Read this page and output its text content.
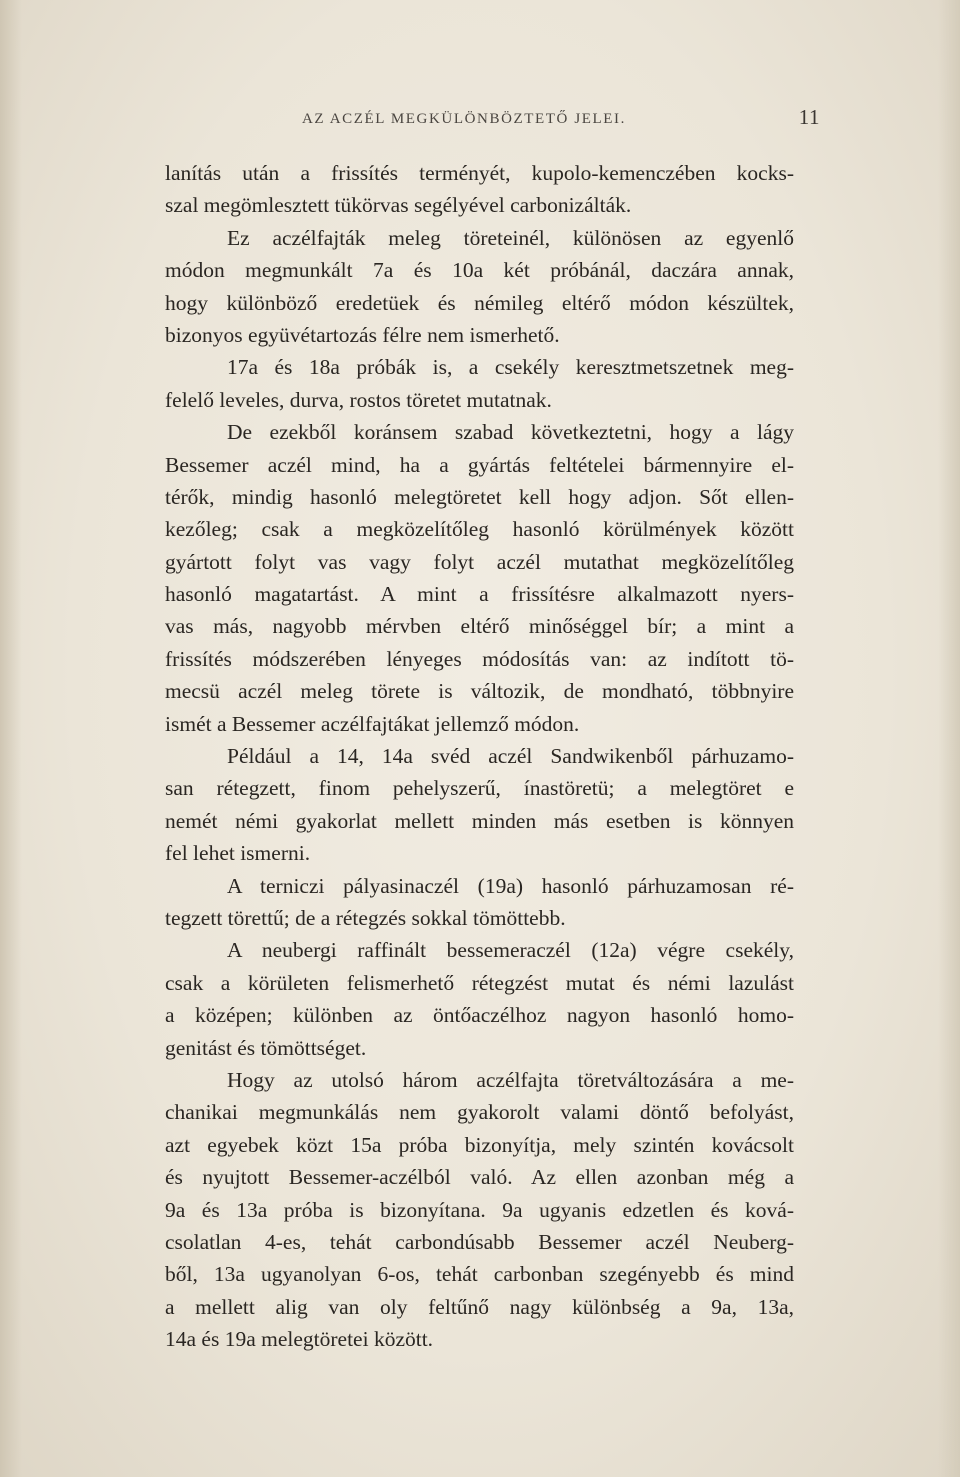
AZ ACZÉL MEGKÜLÖNBÖZTETŐ JELEI.	11
lanítás után a frissítés terményét, kupolo-kemenczében kocks-
szal megömlesztett tükörvas segélyével carbonizálták.
Ez aczélfajták meleg töreteinél, különösen az egyenlő
módon megmunkált 7a és 10a két próbánál, daczára annak,
hogy különböző eredetüek és némileg eltérő módon készültek,
bizonyos együvétartozás félre nem ismerhető.
17a és 18a próbák is, a csekély keresztmetszetnek meg-
felelő leveles, durva, rostos töretet mutatnak.
De ezekből koránsem szabad következtetni, hogy a lágy
Bessemer aczél mind, ha a gyártás feltételei bármennyire el-
térők, mindig hasonló melegtöretet kell hogy adjon. Sőt ellen-
kezőleg; csak a megközelítőleg hasonló körülmények között
gyártott folyt vas vagy folyt aczél mutathat megközelítőleg
hasonló magatartást. A mint a frissítésre alkalmazott nyers-
vas más, nagyobb mérvben eltérő minőséggel bír; a mint a
frissítés módszerében lényeges módosítás van: az indított tö-
mecsü aczél meleg törete is változik, de mondható, többnyire
ismét a Bessemer aczélfajtákat jellemző módon.
Például a 14, 14a svéd aczél Sandwikenből párhuzamo-
san rétegzett, finom pehelyszerű, ínastöretü; a melegtöret e
nemét némi gyakorlat mellett minden más esetben is könnyen
fel lehet ismerni.
A terniczi pályasinaczél (19a) hasonló párhuzamosan ré-
tegzett törettű; de a rétegzés sokkal tömöttebb.
A neubergi raffinált bessemeraczél (12a) végre csekély,
csak a körületen felismerhető rétegzést mutat és némi lazulást
a középen; különben az öntőaczélhoz nagyon hasonló homo-
genitást és tömöttséget.
Hogy az utolsó három aczélfajta töretváltozására a me-
chanikai megmunkálás nem gyakorolt valami döntő befolyást,
azt egyebek közt 15a próba bizonyítja, mely szintén kovácsolt
és nyujtott Bessemer-aczélból való. Az ellen azonban még a
9a és 13a próba is bizonyítana. 9a ugyanis edzetlen és ková-
csolatlan 4-es, tehát carbondúsabb Bessemer aczél Neuberg-
ből, 13a ugyanolyan 6-os, tehát carbonban szegényebb és mind
a mellett alig van oly feltűnő nagy különbség a 9a, 13a,
14a és 19a melegtöretei között.
